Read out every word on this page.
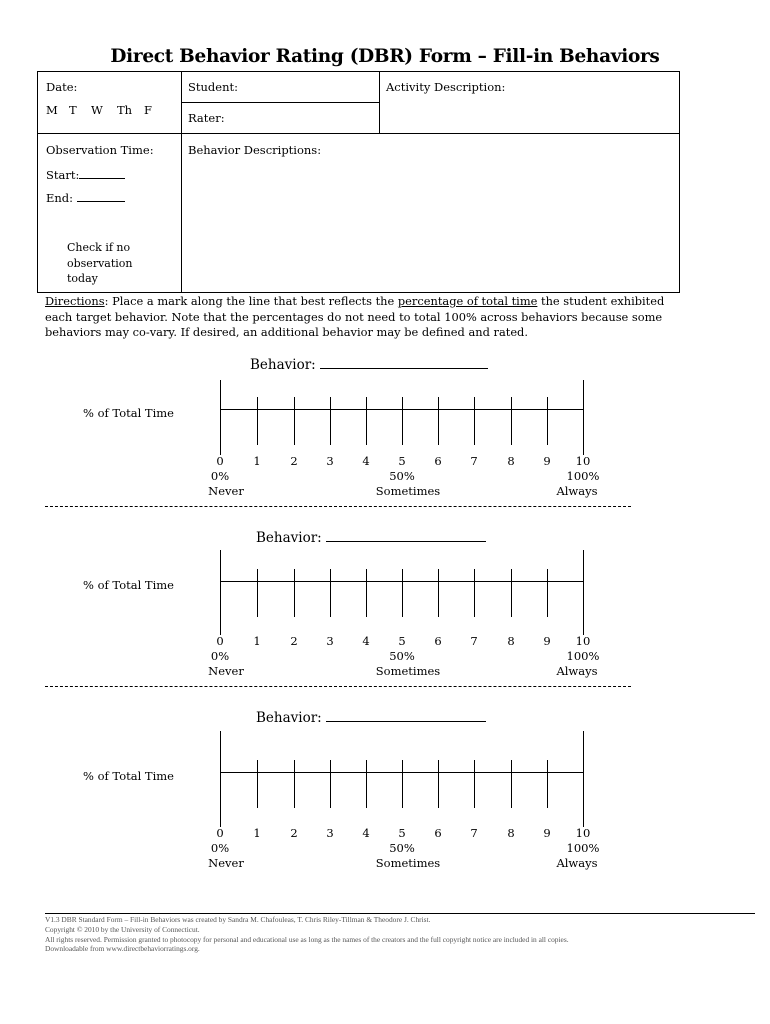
Direct Behavior Rating (DBR) Form – Fill-in Behaviors
Date:
M T W Th F
Student:
Rater:
Activity Description:
Observation Time:
Start:
End:
Check if no
observation
today
Behavior Descriptions:
Directions: Place a mark along the line that best reflects the percentage of total time the student exhibited each target behavior. Note that the percentages do not need to total 100% across behaviors because some behaviors may co-vary. If desired, an additional behavior may be defined and rated.
Behavior:
% of Total Time
0	1	2	3	4	5	6	7	8	9	10
0%
Never
50%
Sometimes
100%
Always
Behavior:
% of Total Time
0	1	2	3	4	5	6	7	8	9	10
0%
Never
50%
Sometimes
100%
Always
Behavior:
% of Total Time
0	1	2	3	4	5	6	7	8	9	10
0%
Never
50%
Sometimes
100%
Always
V1.3 DBR Standard Form – Fill-in Behaviors was created by Sandra M. Chafouleas, T. Chris Riley-Tillman & Theodore J. Christ.
Copyright © 2010 by the University of Connecticut.
All rights reserved. Permission granted to photocopy for personal and educational use as long as the names of the creators and the full copyright notice are included in all copies.
Downloadable from www.directbehaviorratings.org.
